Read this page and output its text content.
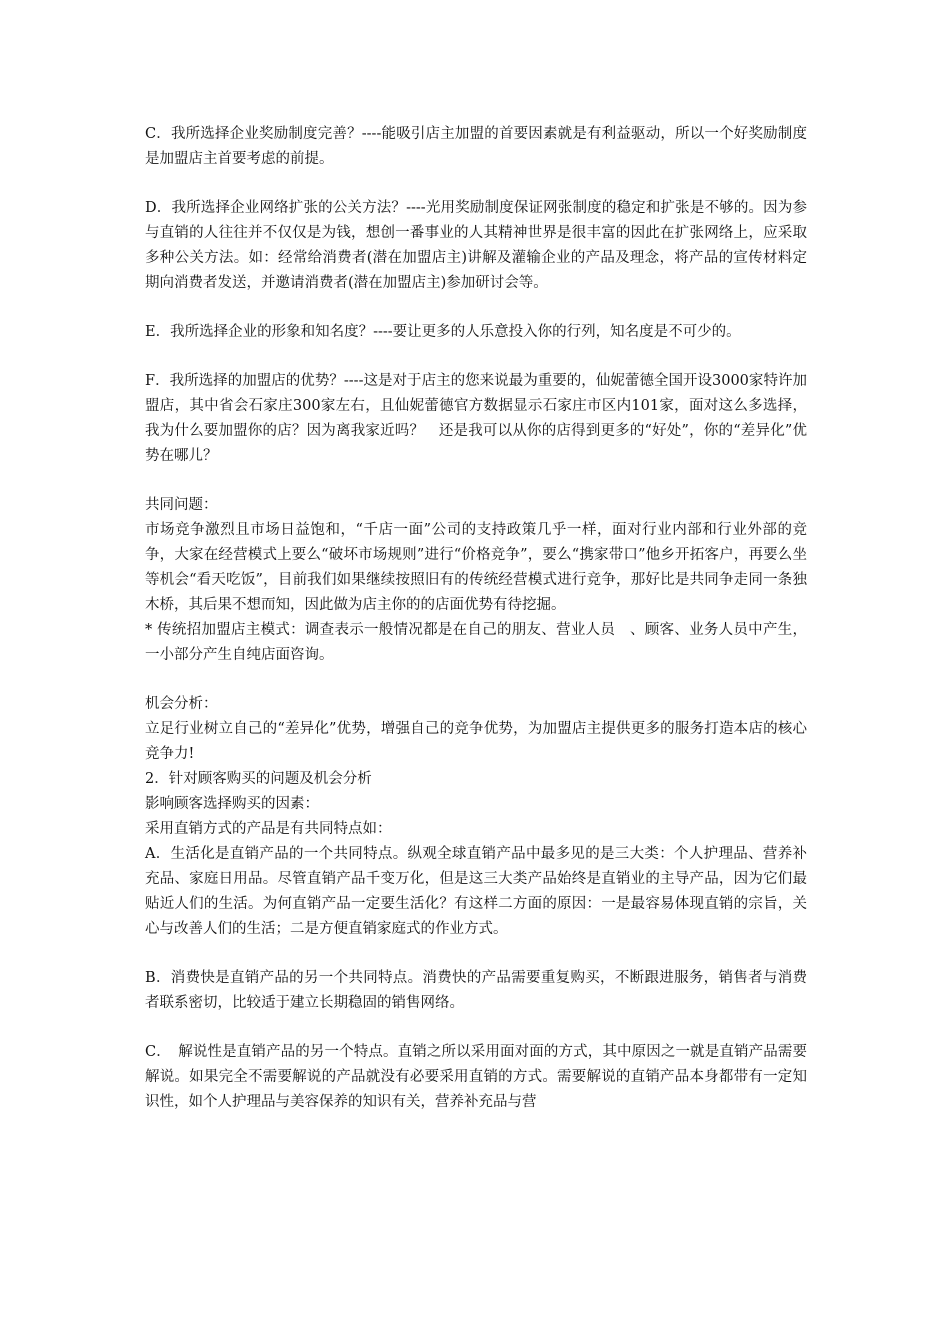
C．我所选择企业奖励制度完善？----能吸引店主加盟的首要因素就是有利益驱动，所以一个好奖励制度是加盟店主首要考虑的前提。

D．我所选择企业网络扩张的公关方法？----光用奖励制度保证网张制度的稳定和扩张是不够的。因为参与直销的人往往并不仅仅是为钱，想创一番事业的人其精神世界是很丰富的因此在扩张网络上，应采取多种公关方法。如：经常给消费者(潜在加盟店主)讲解及灌输企业的产品及理念，将产品的宣传材料定期向消费者发送，并邀请消费者(潜在加盟店主)参加研讨会等。

E．我所选择企业的形象和知名度？----要让更多的人乐意投入你的行列，知名度是不可少的。

F．我所选择的加盟店的优势？----这是对于店主的您来说最为重要的，仙妮蕾德全国开设3000家特许加盟店，其中省会石家庄300家左右，且仙妮蕾德官方数据显示石家庄市区内101家，面对这么多选择，我为什么要加盟你的店？因为离我家近吗？　还是我可以从你的店得到更多的“好处”，你的“差异化”优势在哪儿？

共同问题：

市场竞争激烈且市场日益饱和，“千店一面”公司的支持政策几乎一样，面对行业内部和行业外部的竞争，大家在经营模式上要么“破坏市场规则”进行“价格竞争”，要么“携家带口”他乡开拓客户，再要么坐等机会“看天吃饭”，目前我们如果继续按照旧有的传统经营模式进行竞争，那好比是共同争走同一条独木桥，其后果不想而知，因此做为店主你的的店面优势有待挖掘。

* 传统招加盟店主模式：调查表示一般情况都是在自己的朋友、营业人员　、顾客、业务人员中产生，一小部分产生自纯店面咨询。

机会分析：

立足行业树立自己的“差异化”优势，增强自己的竞争优势，为加盟店主提供更多的服务打造本店的核心竞争力!

2．针对顾客购买的问题及机会分析

影响顾客选择购买的因素：

采用直销方式的产品是有共同特点如：

A．生活化是直销产品的一个共同特点。纵观全球直销产品中最多见的是三大类：个人护理品、营养补充品、家庭日用品。尽管直销产品千变万化，但是这三大类产品始终是直销业的主导产品，因为它们最贴近人们的生活。为何直销产品一定要生活化？有这样二方面的原因：一是最容易体现直销的宗旨，关心与改善人们的生活；二是方便直销家庭式的作业方式。

B．消费快是直销产品的另一个共同特点。消费快的产品需要重复购买，不断跟进服务，销售者与消费者联系密切，比较适于建立长期稳固的销售网络。

C．　解说性是直销产品的另一个特点。直销之所以采用面对面的方式，其中原因之一就是直销产品需要解说。如果完全不需要解说的产品就没有必要采用直销的方式。需要解说的直销产品本身都带有一定知识性，如个人护理品与美容保养的知识有关，营养补充品与营
